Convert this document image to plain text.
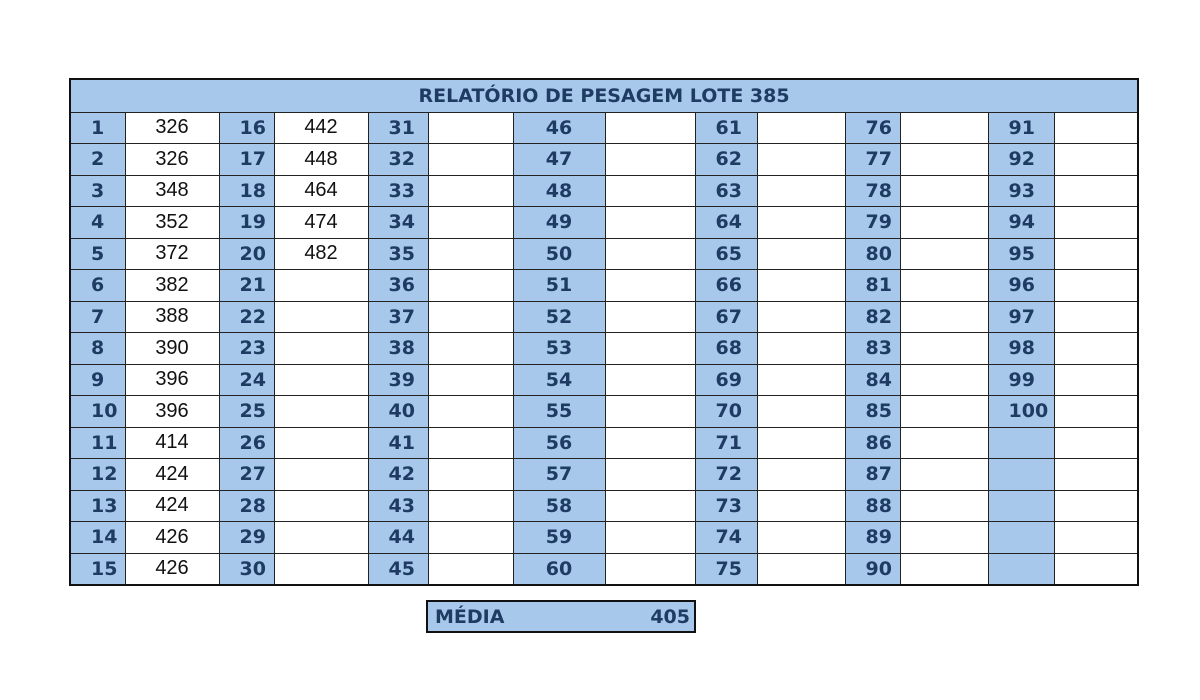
RELATÓRIO DE PESAGEM LOTE 385													
1	326	16	442	31		46		61		76		91	
2	326	17	448	32		47		62		77		92	
3	348	18	464	33		48		63		78		93	
4	352	19	474	34		49		64		79		94	
5	372	20	482	35		50		65		80		95	
6	382	21		36		51		66		81		96	
7	388	22		37		52		67		82		97	
8	390	23		38		53		68		83		98	
9	396	24		39		54		69		84		99	
10	396	25		40		55		70		85		100	
11	414	26		41		56		71		86			
12	424	27		42		57		72		87			
13	424	28		43		58		73		88			
14	426	29		44		59		74		89			
15	426	30		45		60		75		90			
MÉDIA	405
